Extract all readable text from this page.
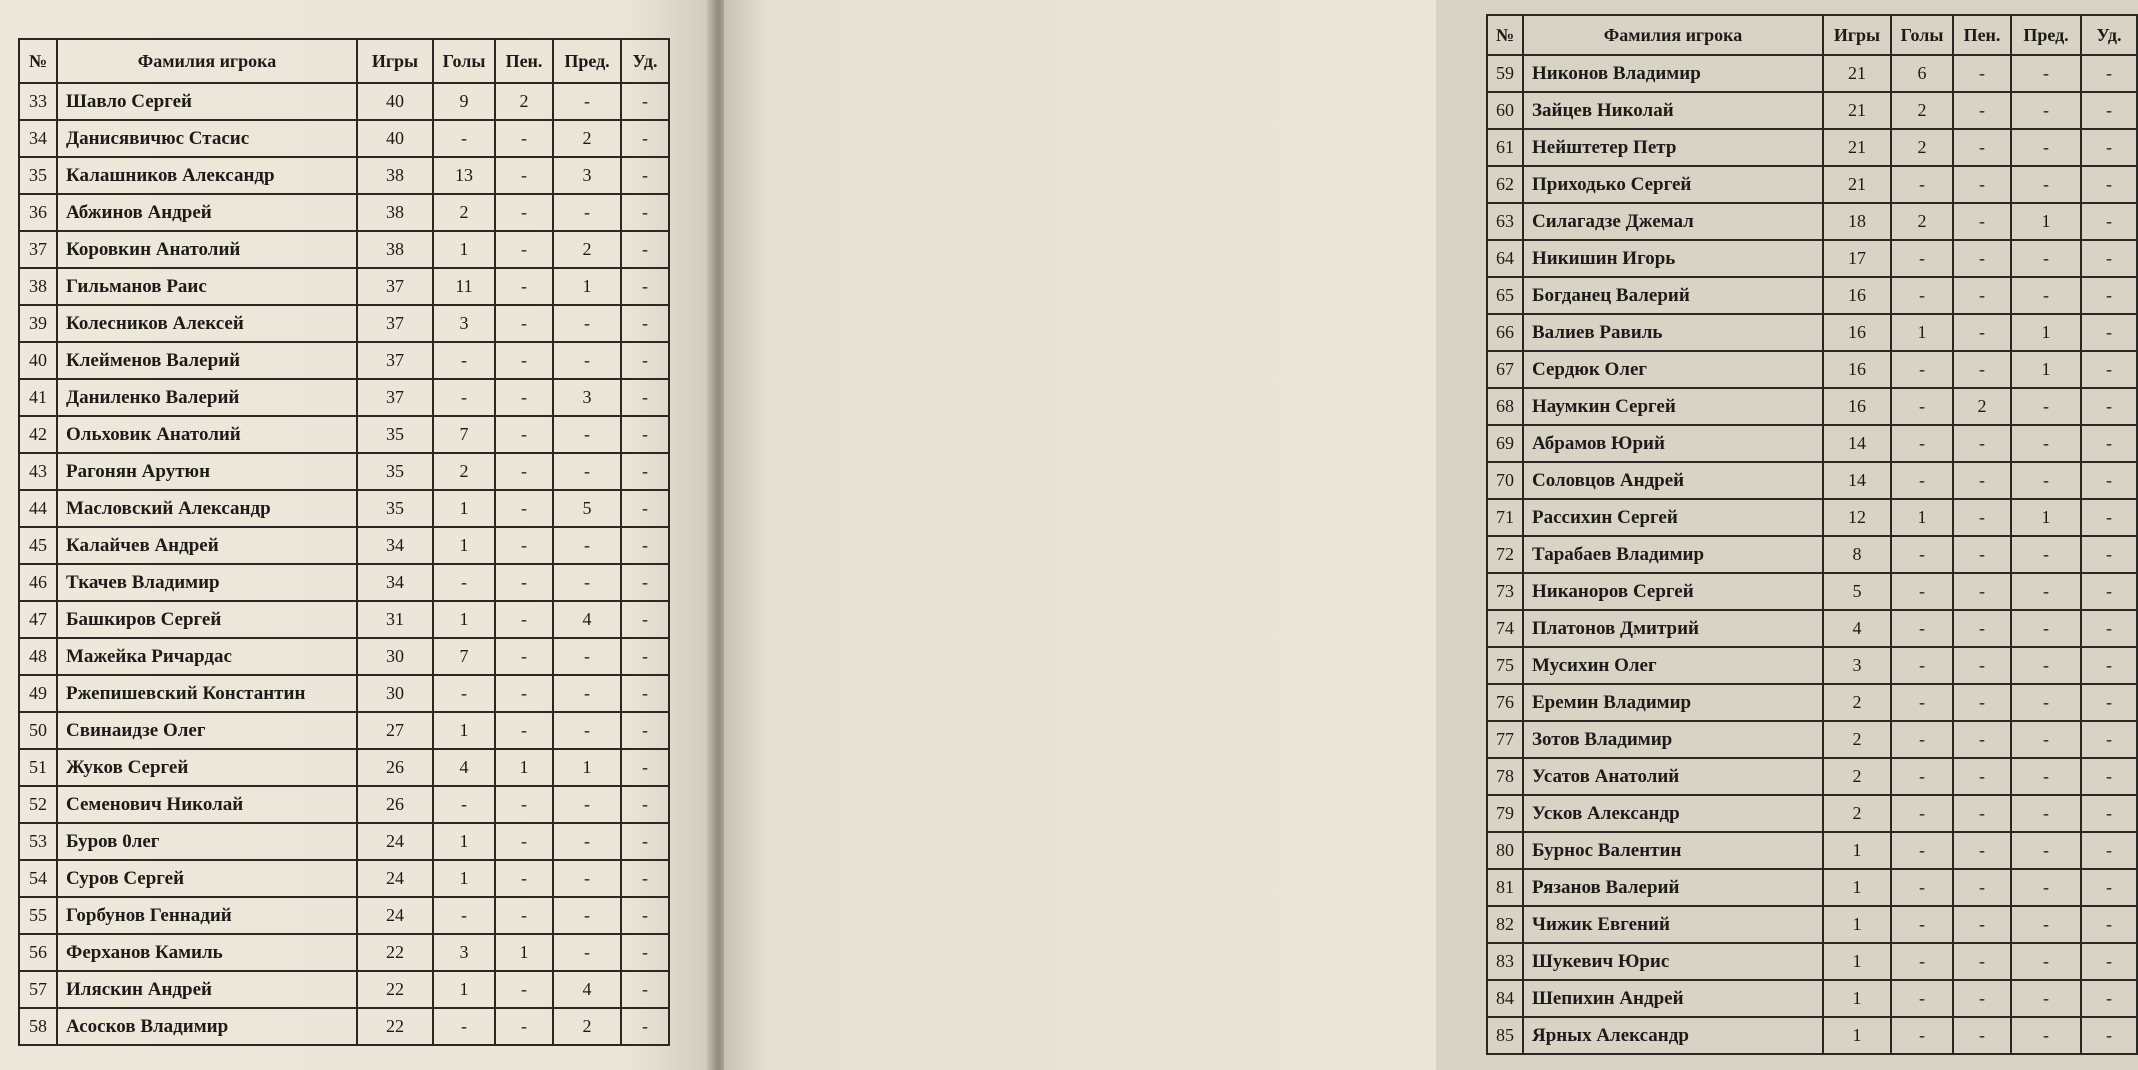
№	Фамилия игрока	Игры	Голы	Пен.	Пред.	Уд.
33	Шавло Сергей	40	9	2	-	-
34	Данисявичюс Стасис	40	-	-	2	-
35	Калашников Александр	38	13	-	3	-
36	Абжинов Андрей	38	2	-	-	-
37	Коровкин Анатолий	38	1	-	2	-
38	Гильманов Раис	37	11	-	1	-
39	Колесников Алексей	37	3	-	-	-
40	Клейменов Валерий	37	-	-	-	-
41	Даниленко Валерий	37	-	-	3	-
42	Ольховик Анатолий	35	7	-	-	-
43	Рагонян Арутюн	35	2	-	-	-
44	Масловский Александр	35	1	-	5	-
45	Калайчев Андрей	34	1	-	-	-
46	Ткачев Владимир	34	-	-	-	-
47	Башкиров Сергей	31	1	-	4	-
48	Мажейка Ричардас	30	7	-	-	-
49	Ржепишевский Константин	30	-	-	-	-
50	Свинаидзе Олег	27	1	-	-	-
51	Жуков Сергей	26	4	1	1	-
52	Семенович Николай	26	-	-	-	-
53	Буров 0лег	24	1	-	-	-
54	Суров Сергей	24	1	-	-	-
55	Горбунов Геннадий	24	-	-	-	-
56	Ферханов Камиль	22	3	1	-	-
57	Иляскин Андрей	22	1	-	4	-
58	Асосков Владимир	22	-	-	2	-
№	Фамилия игрока	Игры	Голы	Пен.	Пред.	Уд.
59	Никонов Владимир	21	6	-	-	-
60	Зайцев Николай	21	2	-	-	-
61	Нейштетер Петр	21	2	-	-	-
62	Приходько Сергей	21	-	-	-	-
63	Силагадзе Джемал	18	2	-	1	-
64	Никишин Игорь	17	-	-	-	-
65	Богданец Валерий	16	-	-	-	-
66	Валиев Равиль	16	1	-	1	-
67	Сердюк Олег	16	-	-	1	-
68	Наумкин Сергей	16	-	2	-	-
69	Абрамов Юрий	14	-	-	-	-
70	Соловцов Андрей	14	-	-	-	-
71	Рассихин Сергей	12	1	-	1	-
72	Тарабаев Владимир	8	-	-	-	-
73	Никаноров Сергей	5	-	-	-	-
74	Платонов Дмитрий	4	-	-	-	-
75	Мусихин Олег	3	-	-	-	-
76	Еремин Владимир	2	-	-	-	-
77	Зотов Владимир	2	-	-	-	-
78	Усатов Анатолий	2	-	-	-	-
79	Усков Александр	2	-	-	-	-
80	Бурнос Валентин	1	-	-	-	-
81	Рязанов Валерий	1	-	-	-	-
82	Чижик Евгений	1	-	-	-	-
83	Шукевич Юрис	1	-	-	-	-
84	Шепихин Андрей	1	-	-	-	-
85	Ярных Александр	1	-	-	-	-
